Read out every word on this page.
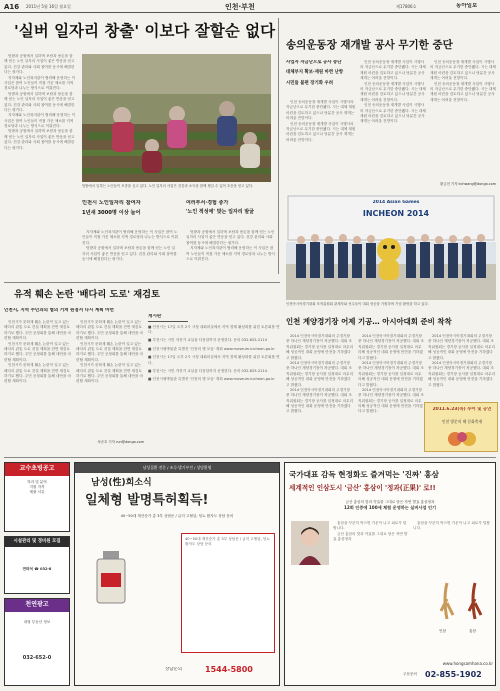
A16 2011년 5월 16일 월요일	인천·부천	제17806호	동아일보
'실버 일자리 창출' 이보다 잘할순 없다

텃밭과 공원에서 일하며 보람과 용돈을 함께 얻는 노인 일자리 사업이 좋은 반응을 얻고 있다. 건강 관리와 사회 참여를 동시에 해결한다는 평가다.

지자체와 노인복지관이 협력해 운영하는 이 사업은 참여 노인들이 직접 가꾼 채소를 지역 경로당과 나누는 방식으로 이뤄진다.

텃밭과 공원에서 일하며 보람과 용돈을 함께 얻는 노인 일자리 사업이 좋은 반응을 얻고 있다. 건강 관리와 사회 참여를 동시에 해결한다는 평가다.

지자체와 노인복지관이 협력해 운영하는 이 사업은 참여 노인들이 직접 가꾼 채소를 지역 경로당과 나누는 방식으로 이뤄진다.

텃밭과 공원에서 일하며 보람과 용돈을 함께 얻는 노인 일자리 사업이 좋은 반응을 얻고 있다. 건강 관리와 사회 참여를 동시에 해결한다는 평가다.

텃밭에서 일하는 노인들이 모종을 심고 있다. 노인 일자리 사업은 건강과 소득을 함께 챙길 수 있어 호응을 얻고 있다.
인천시 노인일자리 참여자
1년새 3000명 이상 늘어
여러부서·경험 증가
'노인 적성에' 맞는 일자리 발굴

지자체와 노인복지관이 협력해 운영하는 이 사업은 참여 노인들이 직접 가꾼 채소를 지역 경로당과 나누는 방식으로 이뤄진다.

텃밭과 공원에서 일하며 보람과 용돈을 함께 얻는 노인 일자리 사업이 좋은 반응을 얻고 있다. 건강 관리와 사회 참여를 동시에 해결한다는 평가다.

텃밭과 공원에서 일하며 보람과 용돈을 함께 얻는 노인 일자리 사업이 좋은 반응을 얻고 있다. 건강 관리와 사회 참여를 동시에 해결한다는 평가다.

지자체와 노인복지관이 협력해 운영하는 이 사업은 참여 노인들이 직접 가꾼 채소를 지역 경로당과 나누는 방식으로 이뤄진다.

송의운동장 재개발 공사 무기한 중단
사업자 자금난으로 공사 중단
대체부지 확보·재원 마련 난항
시민들 불편 장기화 우려

인천 송의운동장 재개발 사업이 시행사의 자금난으로 무기한 중단됐다. 시는 대체 재원 마련을 검토하고 있으나 당분간 공사 재개는 어려울 전망이다.

인천 송의운동장 재개발 사업이 시행사의 자금난으로 무기한 중단됐다. 시는 대체 재원 마련을 검토하고 있으나 당분간 공사 재개는 어려울 전망이다.

인천 송의운동장 재개발 사업이 시행사의 자금난으로 무기한 중단됐다. 시는 대체 재원 마련을 검토하고 있으나 당분간 공사 재개는 어려울 전망이다.

인천 송의운동장 재개발 사업이 시행사의 자금난으로 무기한 중단됐다. 시는 대체 재원 마련을 검토하고 있으나 당분간 공사 재개는 어려울 전망이다.

인천 송의운동장 재개발 사업이 시행사의 자금난으로 무기한 중단됐다. 시는 대체 재원 마련을 검토하고 있으나 당분간 공사 재개는 어려울 전망이다.

인천 송의운동장 재개발 사업이 시행사의 자금난으로 무기한 중단됐다. 시는 대체 재원 마련을 검토하고 있으나 당분간 공사 재개는 어려울 전망이다.

인천 송의운동장 재개발 사업이 시행사의 자금난으로 무기한 중단됐다. 시는 대체 재원 마련을 검토하고 있으나 당분간 공사 재개는 어려울 전망이다.

황금천 기자 kchwang@donga.com
2014 Asian Games
INCHEON 2014
인천아시아경기대회 조직위원회 관계자와 선수들이 대회 성공을 기원하며 기념 촬영을 하고 있다.
인천 계양경기장 어제 기공… 아시아대회 준비 착착

2014 인천아시아경기대회의 주경기장 중 하나인 계양경기장이 착공했다. 대회 조직위원회는 경기장 공사를 일정대로 마무리해 성공적인 대회 운영에 만전을 기하겠다고 밝혔다.

2014 인천아시아경기대회의 주경기장 중 하나인 계양경기장이 착공했다. 대회 조직위원회는 경기장 공사를 일정대로 마무리해 성공적인 대회 운영에 만전을 기하겠다고 밝혔다.

2014 인천아시아경기대회의 주경기장 중 하나인 계양경기장이 착공했다. 대회 조직위원회는 경기장 공사를 일정대로 마무리해 성공적인 대회 운영에 만전을 기하겠다고 밝혔다.

2014 인천아시아경기대회의 주경기장 중 하나인 계양경기장이 착공했다. 대회 조직위원회는 경기장 공사를 일정대로 마무리해 성공적인 대회 운영에 만전을 기하겠다고 밝혔다.

2014 인천아시아경기대회의 주경기장 중 하나인 계양경기장이 착공했다. 대회 조직위원회는 경기장 공사를 일정대로 마무리해 성공적인 대회 운영에 만전을 기하겠다고 밝혔다.

2014 인천아시아경기대회의 주경기장 중 하나인 계양경기장이 착공했다. 대회 조직위원회는 경기장 공사를 일정대로 마무리해 성공적인 대회 운영에 만전을 기하겠다고 밝혔다.

2014 인천아시아경기대회의 주경기장 중 하나인 계양경기장이 착공했다. 대회 조직위원회는 경기장 공사를 일정대로 마무리해 성공적인 대회 운영에 만전을 기하겠다고 밝혔다.

2014 인천아시아경기대회의 주경기장 중 하나인 계양경기장이 착공했다. 대회 조직위원회는 경기장 공사를 일정대로 마무리해 성공적인 대회 운영에 만전을 기하겠다고 밝혔다.

2011.6.23(목) 투어 및 공연
인천 방문의 해 문화축제
유적 훼손 논란 '배다리 도로' 재검토
인천시, 지역 주민과의 협의 거쳐 원점서 다시 계획 마련

인천시가 문화재 훼손 논란이 일고 있는 배다리 관통 도로 건설 계획을 전면 재검토하기로 했다. 주민 공청회를 통해 대안을 마련할 계획이다.

인천시가 문화재 훼손 논란이 일고 있는 배다리 관통 도로 건설 계획을 전면 재검토하기로 했다. 주민 공청회를 통해 대안을 마련할 계획이다.

인천시가 문화재 훼손 논란이 일고 있는 배다리 관통 도로 건설 계획을 전면 재검토하기로 했다. 주민 공청회를 통해 대안을 마련할 계획이다.

인천시가 문화재 훼손 논란이 일고 있는 배다리 관통 도로 건설 계획을 전면 재검토하기로 했다. 주민 공청회를 통해 대안을 마련할 계획이다.

인천시가 문화재 훼손 논란이 일고 있는 배다리 관통 도로 건설 계획을 전면 재검토하기로 했다. 주민 공청회를 통해 대안을 마련할 계획이다.

인천시가 문화재 훼손 논란이 일고 있는 배다리 관통 도로 건설 계획을 전면 재검토하기로 했다. 주민 공청회를 통해 대안을 마련할 계획이다.

차준호 기자 run@donga.com
게시판
■ 인천시는 17일 오후 2시 시청 대회의실에서 지역 경제 활성화를 위한 토론회를 연다.
■ 부천시는 시민 자전거 교실을 다음달까지 운영한다. 문의 032-625-2114
■ 인천시립박물관 특별전 '인천의 옛 모습' 개최 www.museum.incheon.go.kr
■ 인천시는 17일 오후 2시 시청 대회의실에서 지역 경제 활성화를 위한 토론회를 연다.
■ 부천시는 시민 자전거 교실을 다음달까지 운영한다. 문의 032-625-2114
■ 인천시립박물관 특별전 '인천의 옛 모습' 개최 www.museum.incheon.go.kr
교수초빙공고
학과 및 분야
지원 자격
제출 서류
시설관리 및 경비원 모집
연락처 ☎ 032-8
천연광고
대형 부동산 정보
032-652-0
남성질환 전문 / 조루·발기부전 / 상담환영
남성(性)희소식
일체형 발명특허획득!
40~50대 재산증가 총 3부 상담문 / 급히 고혈압, 당뇨 환자도 상담 문의
40~50대 재산증가 총 3부 상담문 / 급히 고혈압, 당뇨 환자도 상담 문의
상담문의	1544-5800
국가대표 감독 현정화도 즐겨먹는 '진짜' 홍삼
세계적인 인삼도시 '금산' 홍삼이 '정과(正果)' 로!!
금산 홍삼의 맛과 약효를 그대로 담은 자연 발효 홍삼정과
12회 인증에 100세 체험 운영하는 실버사업 인기

홍삼을 꾸준히 먹으면 기운이 나고 피로가 덜합니다.

금산 홍삼의 맛과 약효를 그대로 담은 자연 발효 홍삼정과

홍삼을 꾸준히 먹으면 기운이 나고 피로가 덜합니다.

인삼	홍삼
www.hongsamhana.co.kr
주문문의 02-855-1902
